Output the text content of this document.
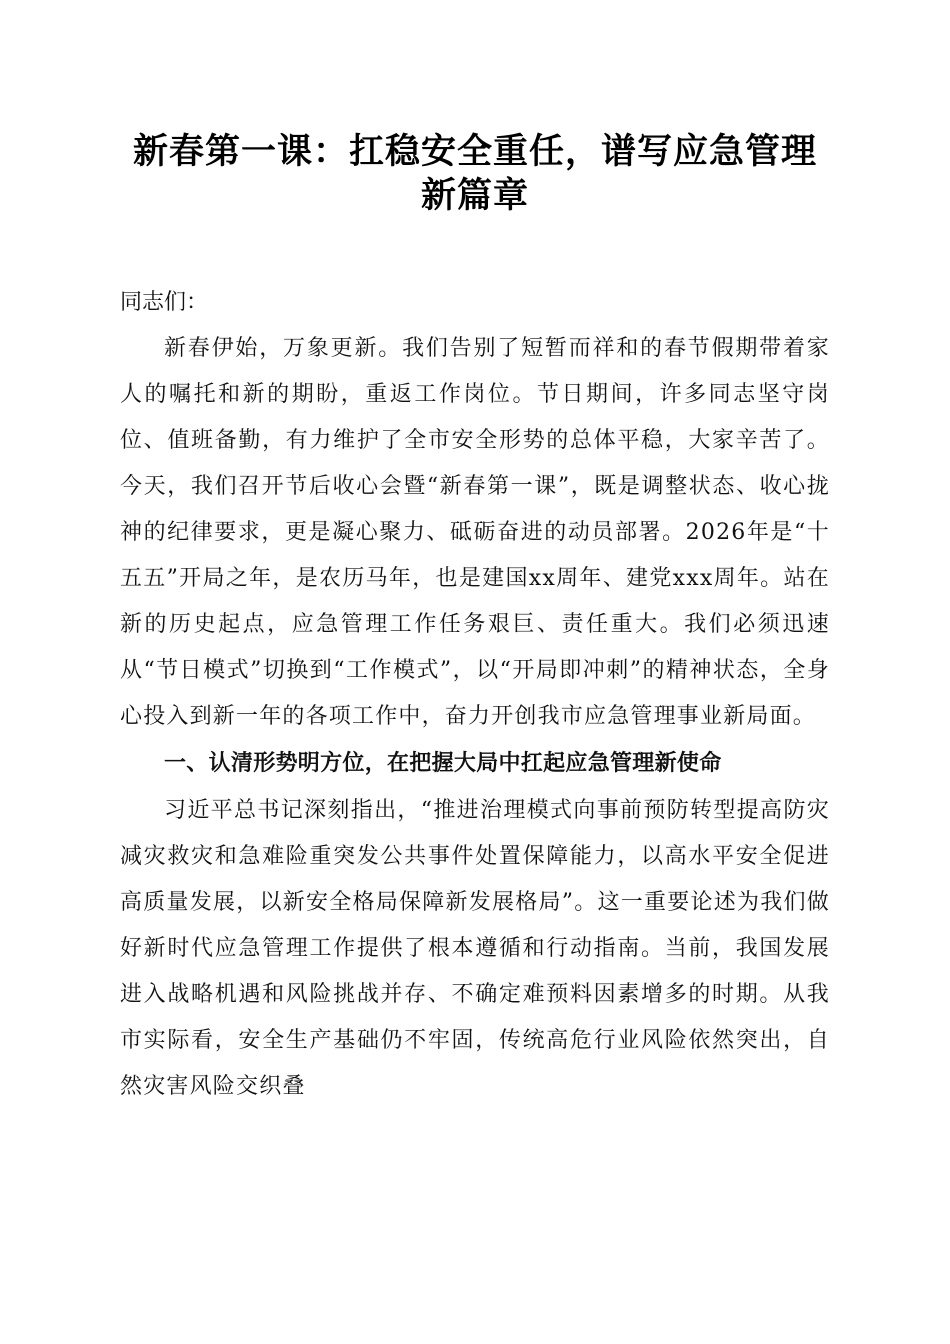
新春第一课：扛稳安全重任，谱写应急管理新篇章

同志们：

新春伊始，万象更新。我们告别了短暂而祥和的春节假期带着家人的嘱托和新的期盼，重返工作岗位。节日期间，许多同志坚守岗位、值班备勤，有力维护了全市安全形势的总体平稳，大家辛苦了。今天，我们召开节后收心会暨“新春第一课”，既是调整状态、收心拢神的纪律要求，更是凝心聚力、砥砺奋进的动员部署。2026年是“十五五”开局之年，是农历马年，也是建国xx周年、建党xxx周年。站在新的历史起点，应急管理工作任务艰巨、责任重大。我们必须迅速从“节日模式”切换到“工作模式”，以“开局即冲刺”的精神状态，全身心投入到新一年的各项工作中，奋力开创我市应急管理事业新局面。

一、认清形势明方位，在把握大局中扛起应急管理新使命

习近平总书记深刻指出，“推进治理模式向事前预防转型提高防灾减灾救灾和急难险重突发公共事件处置保障能力，以高水平安全促进高质量发展，以新安全格局保障新发展格局”。这一重要论述为我们做好新时代应急管理工作提供了根本遵循和行动指南。当前，我国发展进入战略机遇和风险挑战并存、不确定难预料因素增多的时期。从我市实际看，安全生产基础仍不牢固，传统高危行业风险依然突出，自然灾害风险交织叠
